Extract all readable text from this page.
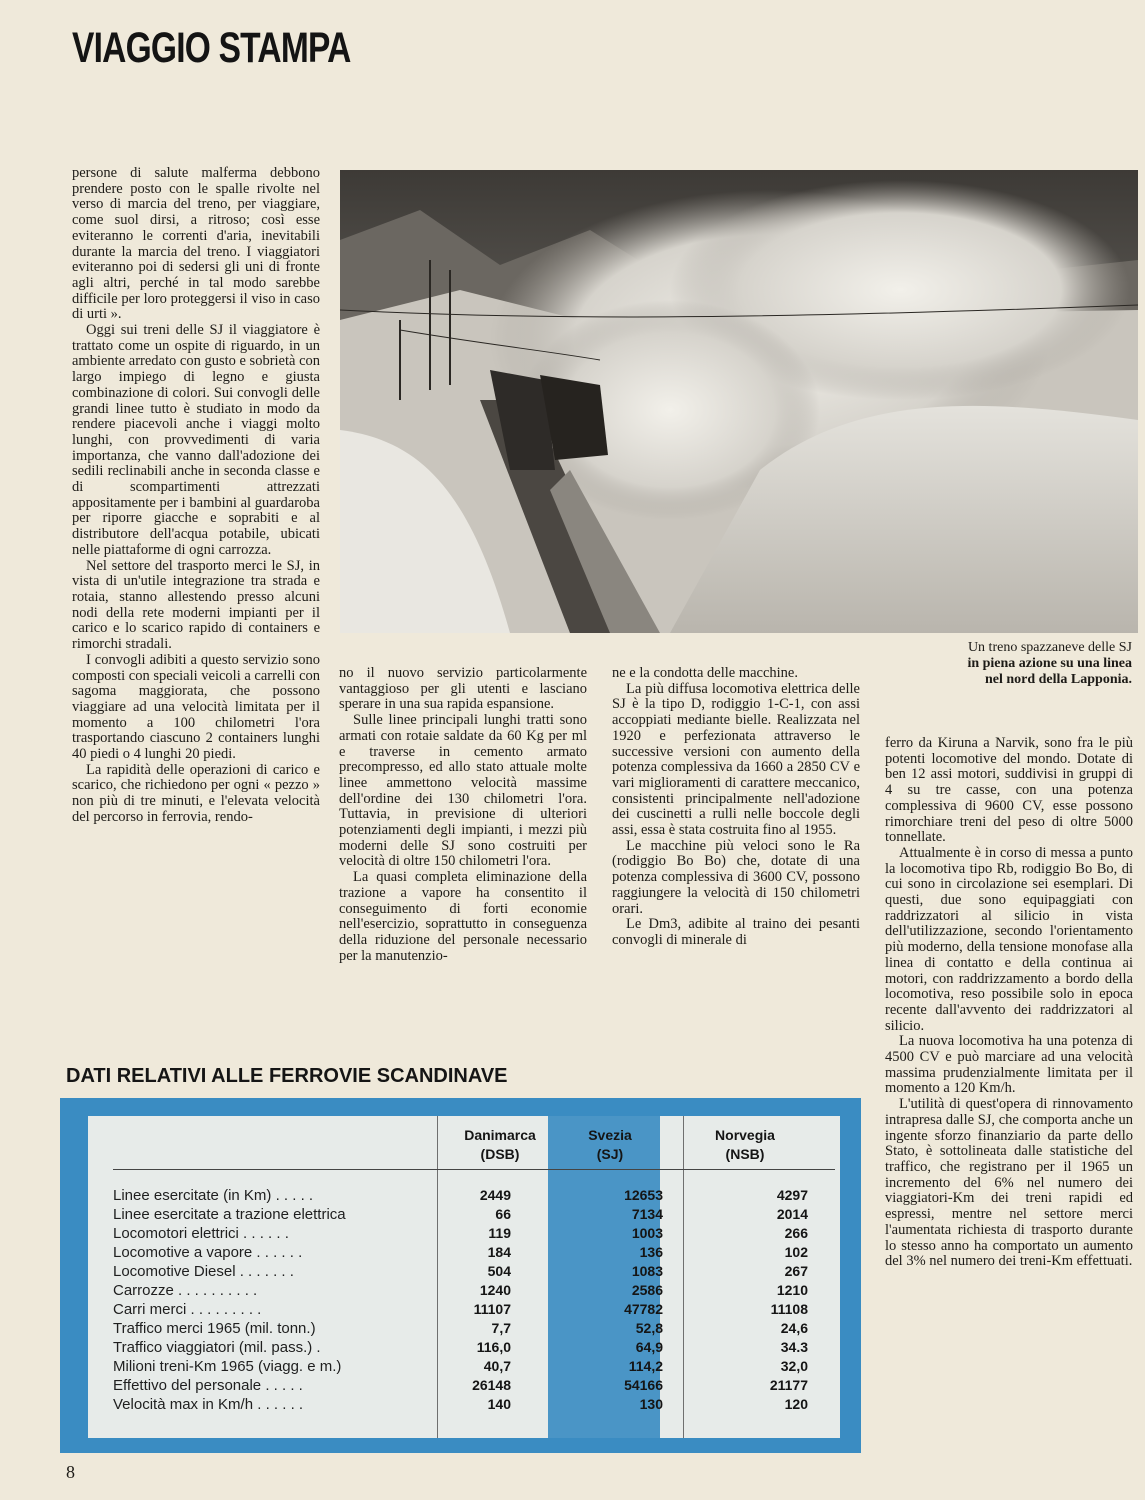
VIAGGIO STAMPA

persone di salute malferma debbono prendere posto con le spalle rivolte nel verso di marcia del treno, per viaggiare, come suol dirsi, a ritroso; così esse eviteranno le correnti d'aria, inevitabili durante la marcia del treno. I viaggiatori eviteranno poi di sedersi gli uni di fronte agli altri, perché in tal modo sarebbe difficile per loro proteggersi il viso in caso di urti ».

Oggi sui treni delle SJ il viaggiatore è trattato come un ospite di riguardo, in un ambiente arredato con gusto e sobrietà con largo impiego di legno e giusta combinazione di colori. Sui convogli delle grandi linee tutto è studiato in modo da rendere piacevoli anche i viaggi molto lunghi, con provvedimenti di varia importanza, che vanno dall'adozione dei sedili reclinabili anche in seconda classe e di scompartimenti attrezzati appositamente per i bambini al guardaroba per riporre giacche e soprabiti e al distributore dell'acqua potabile, ubicati nelle piattaforme di ogni carrozza.

Nel settore del trasporto merci le SJ, in vista di un'utile integrazione tra strada e rotaia, stanno allestendo presso alcuni nodi della rete moderni impianti per il carico e lo scarico rapido di containers e rimorchi stradali.

I convogli adibiti a questo servizio sono composti con speciali veicoli a carrelli con sagoma maggiorata, che possono viaggiare ad una velocità limitata per il momento a 100 chilometri l'ora trasportando ciascuno 2 containers lunghi 40 piedi o 4 lunghi 20 piedi.

La rapidità delle operazioni di carico e scarico, che richiedono per ogni « pezzo » non più di tre minuti, e l'elevata velocità del percorso in ferrovia, rendo-

Un treno spazzaneve delle SJ
in piena azione su una linea
nel nord della Lapponia.

no il nuovo servizio particolarmente vantaggioso per gli utenti e lasciano sperare in una sua rapida espansione.

Sulle linee principali lunghi tratti sono armati con rotaie saldate da 60 Kg per ml e traverse in cemento armato precompresso, ed allo stato attuale molte linee ammettono velocità massime dell'ordine dei 130 chilometri l'ora. Tuttavia, in previsione di ulteriori potenziamenti degli impianti, i mezzi più moderni delle SJ sono costruiti per velocità di oltre 150 chilometri l'ora.

La quasi completa eliminazione della trazione a vapore ha consentito il conseguimento di forti economie nell'esercizio, soprattutto in conseguenza della riduzione del personale necessario per la manutenzio-

ne e la condotta delle macchine.

La più diffusa locomotiva elettrica delle SJ è la tipo D, rodiggio 1-C-1, con assi accoppiati mediante bielle. Realizzata nel 1920 e perfezionata attraverso le successive versioni con aumento della potenza complessiva da 1660 a 2850 CV e vari miglioramenti di carattere meccanico, consistenti principalmente nell'adozione dei cuscinetti a rulli nelle boccole degli assi, essa è stata costruita fino al 1955.

Le macchine più veloci sono le Ra (rodiggio Bo Bo) che, dotate di una potenza complessiva di 3600 CV, possono raggiungere la velocità di 150 chilometri orari.

Le Dm3, adibite al traino dei pesanti convogli di minerale di

ferro da Kiruna a Narvik, sono fra le più potenti locomotive del mondo. Dotate di ben 12 assi motori, suddivisi in gruppi di 4 su tre casse, con una potenza complessiva di 9600 CV, esse possono rimorchiare treni del peso di oltre 5000 tonnellate.

Attualmente è in corso di messa a punto la locomotiva tipo Rb, rodiggio Bo Bo, di cui sono in circolazione sei esemplari. Di questi, due sono equipaggiati con raddrizzatori al silicio in vista dell'utilizzazione, secondo l'orientamento più moderno, della tensione monofase alla linea di contatto e della continua ai motori, con raddrizzamento a bordo della locomotiva, reso possibile solo in epoca recente dall'avvento dei raddrizzatori al silicio.

La nuova locomotiva ha una potenza di 4500 CV e può marciare ad una velocità massima prudenzialmente limitata per il momento a 120 Km/h.

L'utilità di quest'opera di rinnovamento intrapresa dalle SJ, che comporta anche un ingente sforzo finanziario da parte dello Stato, è sottolineata dalle statistiche del traffico, che registrano per il 1965 un incremento del 6% nel numero dei viaggiatori-Km dei treni rapidi ed espressi, mentre nel settore merci l'aumentata richiesta di trasporto durante lo stesso anno ha comportato un aumento del 3% nel numero dei treni-Km effettuati.

DATI RELATIVI ALLE FERROVIE SCANDINAVE
Danimarca
(DSB)
Svezia
(SJ)
Norvegia
(NSB)
Linee esercitate (in Km) . . . . .	2449	12653	4297
Linee esercitate a trazione elettrica	66	7134	2014
Locomotori elettrici . . . . . .	119	1003	266
Locomotive a vapore . . . . . .	184	136	102
Locomotive Diesel . . . . . . .	504	1083	267
Carrozze . . . . . . . . . .	1240	2586	1210
Carri merci . . . . . . . . .	11107	47782	11108
Traffico merci 1965 (mil. tonn.)	7,7	52,8	24,6
Traffico viaggiatori (mil. pass.) .	116,0	64,9	34.3
Milioni treni-Km 1965 (viagg. e m.)	40,7	114,2	32,0
Effettivo del personale . . . . .	26148	54166	21177
Velocità max in Km/h . . . . . .	140	130	120
8
